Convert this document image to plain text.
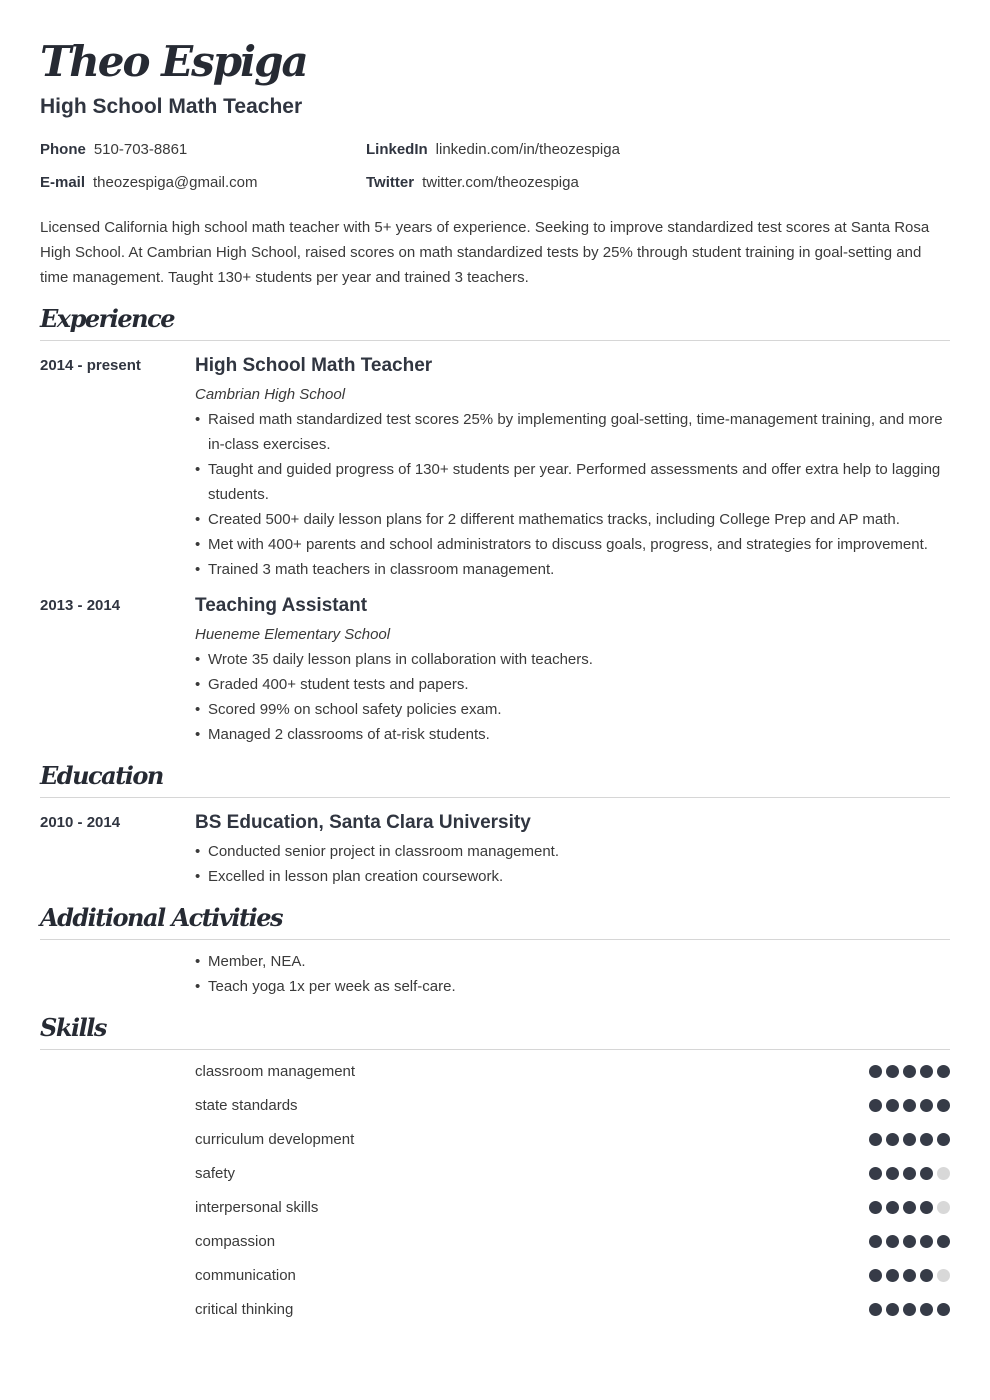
Theo Espiga
High School Math Teacher
Phone 510-703-8861	LinkedIn linkedin.com/in/theozespiga
E-mail theozespiga@gmail.com	Twitter twitter.com/theozespiga
Licensed California high school math teacher with 5+ years of experience. Seeking to improve standardized test scores at Santa Rosa High School. At Cambrian High School, raised scores on math standardized tests by 25% through student training in goal-setting and time management. Taught 130+ students per year and trained 3 teachers.
Experience
2014 - present	High School Math Teacher
Cambrian High School
• Raised math standardized test scores 25% by implementing goal-setting, time-management training, and more in-class exercises.
• Taught and guided progress of 130+ students per year. Performed assessments and offer extra help to lagging students.
• Created 500+ daily lesson plans for 2 different mathematics tracks, including College Prep and AP math.
• Met with 400+ parents and school administrators to discuss goals, progress, and strategies for improvement.
• Trained 3 math teachers in classroom management.
2013 - 2014	Teaching Assistant
Hueneme Elementary School
• Wrote 35 daily lesson plans in collaboration with teachers.
• Graded 400+ student tests and papers.
• Scored 99% on school safety policies exam.
• Managed 2 classrooms of at-risk students.
Education
2010 - 2014	BS Education, Santa Clara University
• Conducted senior project in classroom management.
• Excelled in lesson plan creation coursework.
Additional Activities
• Member, NEA.
• Teach yoga 1x per week as self-care.
Skills
classroom management
state standards
curriculum development
safety
interpersonal skills
compassion
communication
critical thinking
